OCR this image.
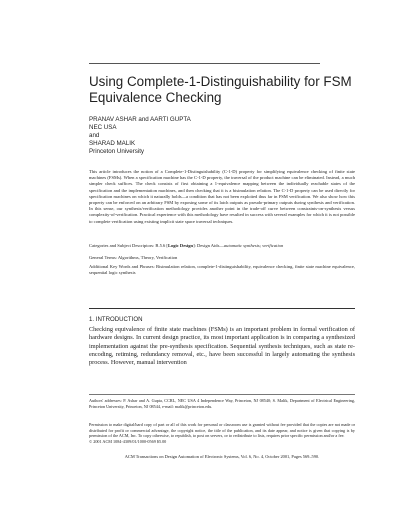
Using Complete-1-Distinguishability for FSM Equivalence Checking
PRANAV ASHAR and AARTI GUPTA
NEC USA
and
SHARAD MALIK
Princeton University

This article introduces the notion of a Complete-1-Distinguishability (C-1-D) property for simplifying equivalence checking of finite state machines (FSMs). When a specification machine has the C-1-D property, the traversal of the product machine can be eliminated. Instead, a much simpler check suffices. The check consists of first obtaining a 1-equivalence mapping between the individually reachable states of the specification and the implementation machines, and then checking that it is a bisimulation relation. The C-1-D property can be used directly for specification machines on which it naturally holds—a condition that has not been exploited thus far in FSM verification. We also show how this property can be enforced on an arbitrary FSM by exposing some of its latch outputs as pseudo-primary outputs during synthesis and verification. In this sense, our synthesis/verification methodology provides another point in the trade-off curve between constraints-on-synthesis versus complexity-of-verification. Practical experience with this methodology have resulted in success with several examples for which it is not possible to complete verification using existing implicit state space traversal techniques.

Categories and Subject Descriptors: B.5.6 [Logic Design]: Design Aids—automatic synthesis; verification

General Terms: Algorithms, Theory, Verification

Additional Key Words and Phrases: Bisimulation relation, complete-1-distinguishability, equivalence checking, finite state machine equivalence, sequential logic synthesis

1. INTRODUCTION

Checking equivalence of finite state machines (FSMs) is an important problem in formal verification of hardware designs. In current design practice, its most important application is in comparing a synthesized implementation against the pre-synthesis specification. Sequential synthesis techniques, such as state re-encoding, retiming, redundancy removal, etc., have been successful in largely automating the synthesis process. However, manual intervention

Authors' addresses: P. Ashar and A. Gupta, CCRL, NEC USA 4 Independence Way, Princeton, NJ 08540; S. Malik, Department of Electrical Engineering, Princeton University, Princeton, NJ 08544, e-mail: malik@princeton.edu.

Permission to make digital/hard copy of part or all of this work for personal or classroom use is granted without fee provided that the copies are not made or distributed for profit or commercial advantage, the copyright notice, the title of the publication, and its date appear, and notice is given that copying is by permission of the ACM, Inc. To copy otherwise, to republish, to post on servers, or to redistribute to lists, requires prior specific permission and/or a fee.
© 2001 ACM 1084-4309/01/1000-0569 $5.00

ACM Transactions on Design Automation of Electronic Systems, Vol. 6, No. 4, October 2001, Pages 569–590.
